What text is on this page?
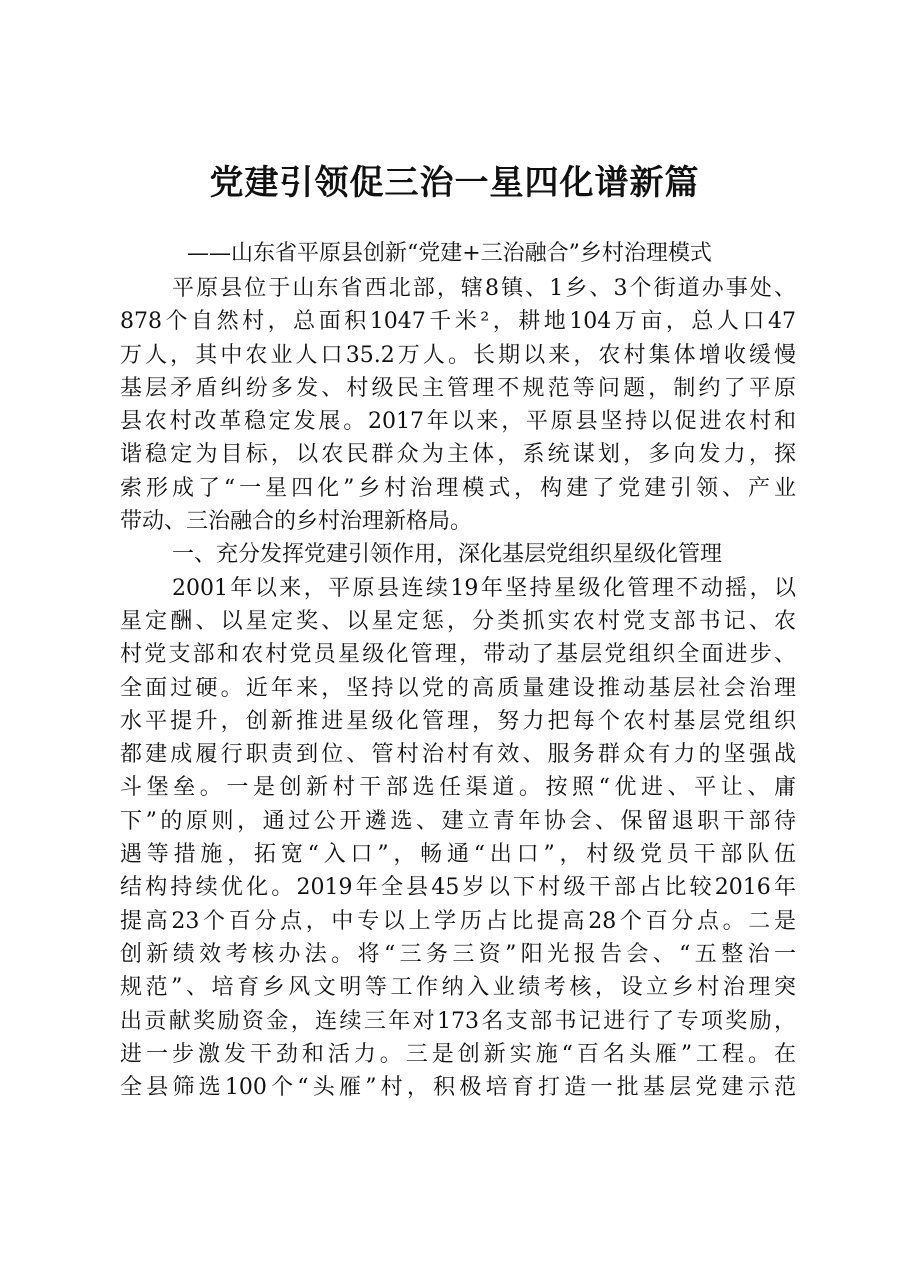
党建引领促三治一星四化谱新篇

——山东省平原县创新“党建+三治融合”乡村治理模式

平原县位于山东省西北部，辖8镇、1乡、3个街道办事处、
878个自然村，总面积1047千米²，耕地104万亩，总人口47
万人，其中农业人口35.2万人。长期以来，农村集体增收缓慢
基层矛盾纠纷多发、村级民主管理不规范等问题，制约了平原
县农村改革稳定发展。2017年以来，平原县坚持以促进农村和
谐稳定为目标，以农民群众为主体，系统谋划，多向发力，探
索形成了“一星四化”乡村治理模式，构建了党建引领、产业
带动、三治融合的乡村治理新格局。
一、充分发挥党建引领作用，深化基层党组织星级化管理
2001年以来，平原县连续19年坚持星级化管理不动摇，以
星定酬、以星定奖、以星定惩，分类抓实农村党支部书记、农
村党支部和农村党员星级化管理，带动了基层党组织全面进步、
全面过硬。近年来，坚持以党的高质量建设推动基层社会治理
水平提升，创新推进星级化管理，努力把每个农村基层党组织
都建成履行职责到位、管村治村有效、服务群众有力的坚强战
斗堡垒。一是创新村干部选任渠道。按照“优进、平让、庸
下”的原则，通过公开遴选、建立青年协会、保留退职干部待
遇等措施，拓宽“入口”，畅通“出口”，村级党员干部队伍
结构持续优化。2019年全县45岁以下村级干部占比较2016年
提高23个百分点，中专以上学历占比提高28个百分点。二是
创新绩效考核办法。将“三务三资”阳光报告会、“五整治一
规范”、培育乡风文明等工作纳入业绩考核，设立乡村治理突
出贡献奖励资金，连续三年对173名支部书记进行了专项奖励，
进一步激发干劲和活力。三是创新实施“百名头雁”工程。在
全县筛选100个“头雁”村，积极培育打造一批基层党建示范
